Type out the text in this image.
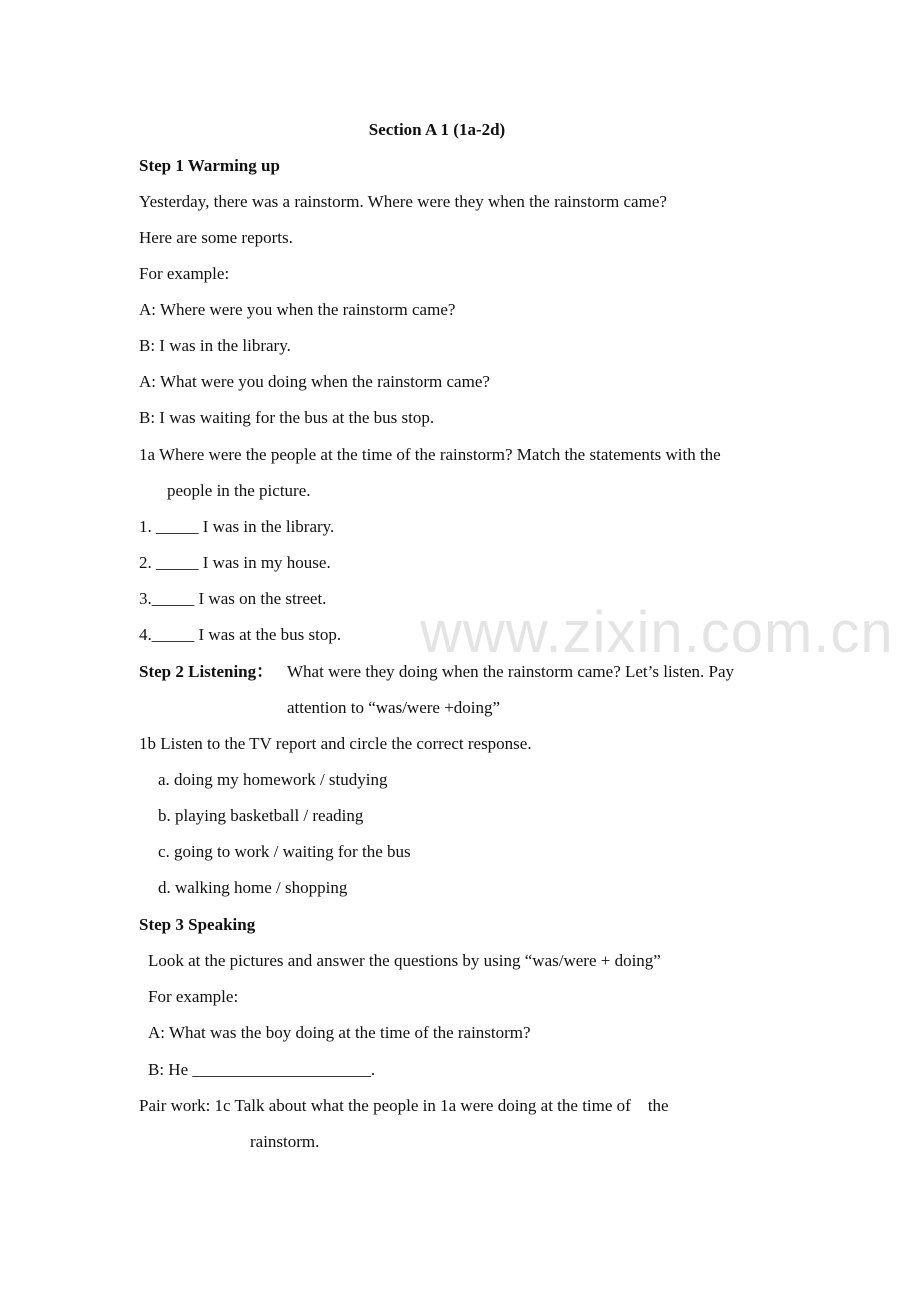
Section A 1 (1a-2d)
Step 1 Warming up
Yesterday, there was a rainstorm. Where were they when the rainstorm came?
Here are some reports.
For example:
A: Where were you when the rainstorm came?
B: I was in the library.
A: What were you doing when the rainstorm came?
B: I was waiting for the bus at the bus stop.
1a Where were the people at the time of the rainstorm? Match the statements with the
people in the picture.
1. _____ I was in the library.
2. _____ I was in my house.
3._____ I was on the street.
4._____ I was at the bus stop.
Step 2 Listening： What were they doing when the rainstorm came? Let’s listen. Pay
attention to “was/were +doing”
1b Listen to the TV report and circle the correct response.
a. doing my homework / studying
b. playing basketball / reading
c. going to work / waiting for the bus
d. walking home / shopping
Step 3 Speaking
Look at the pictures and answer the questions by using “was/were + doing”
For example:
A: What was the boy doing at the time of the rainstorm?
B: He _____________________.
Pair work: 1c Talk about what the people in 1a were doing at the time of    the
rainstorm.
www.zixin.com.cn
